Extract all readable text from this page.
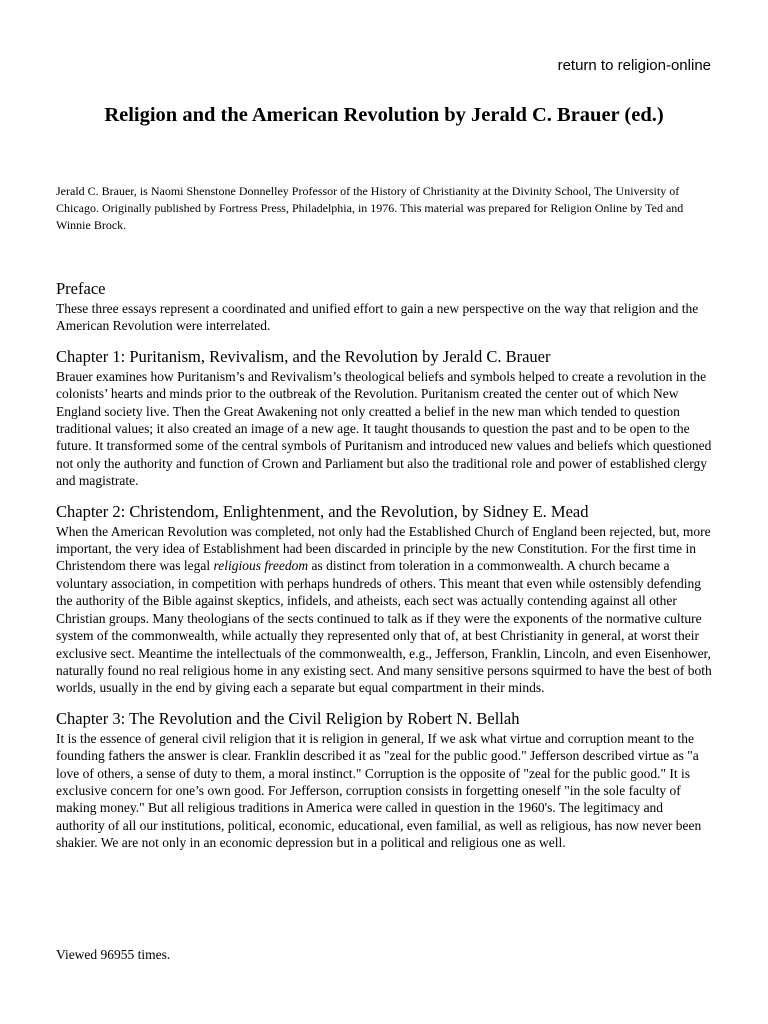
return to religion-online
Religion and the American Revolution by Jerald C. Brauer (ed.)

Jerald C. Brauer, is Naomi Shenstone Donnelley Professor of the History of Christianity at the Divinity School, The University of Chicago. Originally published by Fortress Press, Philadelphia, in 1976. This material was prepared for Religion Online by Ted and Winnie Brock.

Preface

These three essays represent a coordinated and unified effort to gain a new perspective on the way that religion and the American Revolution were interrelated.

Chapter 1: Puritanism, Revivalism, and the Revolution by Jerald C. Brauer

Brauer examines how Puritanism’s and Revivalism’s theological beliefs and symbols helped to create a revolution in the colonists’ hearts and minds prior to the outbreak of the Revolution. Puritanism created the center out of which New England society live. Then the Great Awakening not only creatted a belief in the new man which tended to question traditional values; it also created an image of a new age. It taught thousands to question the past and to be open to the future. It transformed some of the central symbols of Puritanism and introduced new values and beliefs which questioned not only the authority and function of Crown and Parliament but also the traditional role and power of established clergy and magistrate.

Chapter 2: Christendom, Enlightenment, and the Revolution, by Sidney E. Mead

When the American Revolution was completed, not only had the Established Church of England been rejected, but, more important, the very idea of Establishment had been discarded in principle by the new Constitution. For the first time in Christendom there was legal religious freedom as distinct from toleration in a commonwealth. A church became a voluntary association, in competition with perhaps hundreds of others. This meant that even while ostensibly defending the authority of the Bible against skeptics, infidels, and atheists, each sect was actually contending against all other Christian groups. Many theologians of the sects continued to talk as if they were the exponents of the normative culture system of the commonwealth, while actually they represented only that of, at best Christianity in general, at worst their exclusive sect. Meantime the intellectuals of the commonwealth, e.g., Jefferson, Franklin, Lincoln, and even Eisenhower, naturally found no real religious home in any existing sect. And many sensitive persons squirmed to have the best of both worlds, usually in the end by giving each a separate but equal compartment in their minds.

Chapter 3: The Revolution and the Civil Religion by Robert N. Bellah

It is the essence of general civil religion that it is religion in general, If we ask what virtue and corruption meant to the founding fathers the answer is clear. Franklin described it as "zeal for the public good." Jefferson described virtue as "a love of others, a sense of duty to them, a moral instinct." Corruption is the opposite of "zeal for the public good." It is exclusive concern for one’s own good. For Jefferson, corruption consists in forgetting oneself "in the sole faculty of making money." But all religious traditions in America were called in question in the 1960's. The legitimacy and authority of all our institutions, political, economic, educational, even familial, as well as religious, has now never been shakier. We are not only in an economic depression but in a political and religious one as well.

Viewed 96955 times.
